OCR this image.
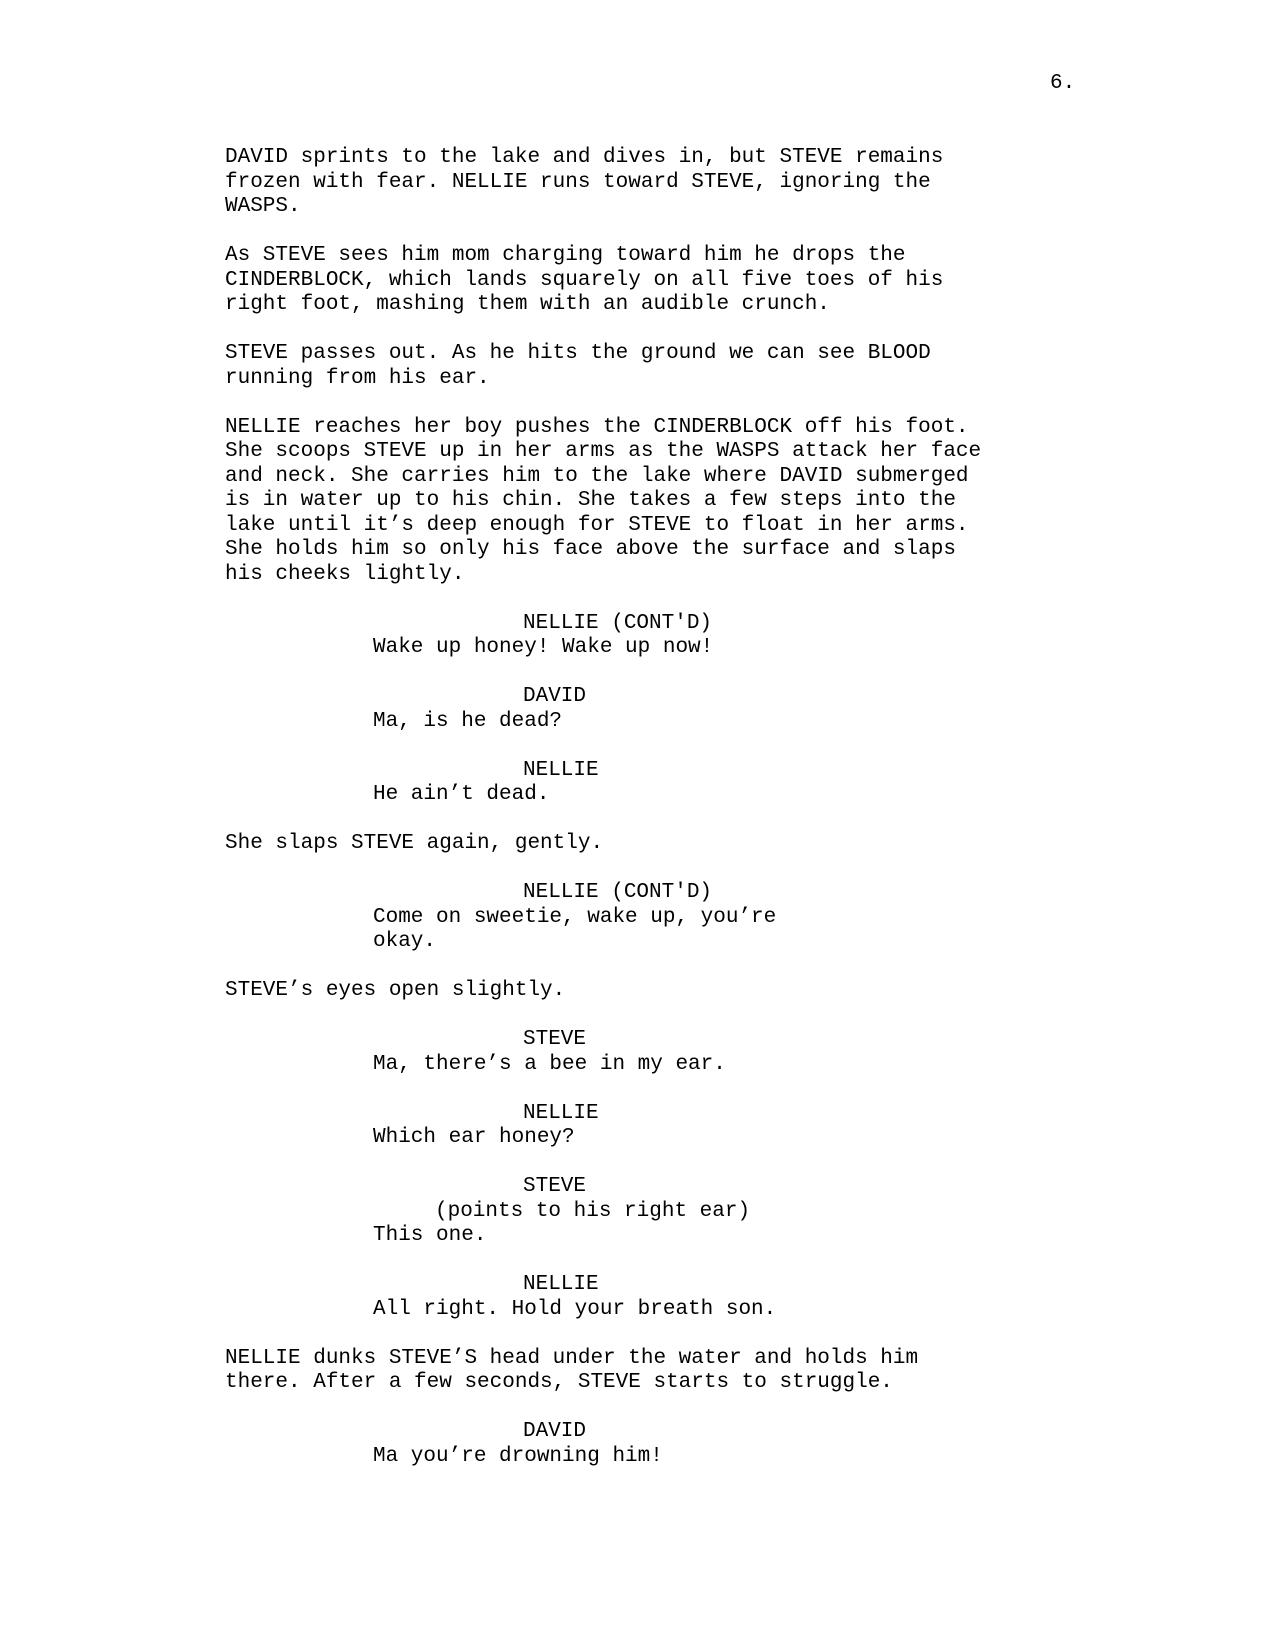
6.
DAVID sprints to the lake and dives in, but STEVE remains
frozen with fear. NELLIE runs toward STEVE, ignoring the
WASPS.
As STEVE sees him mom charging toward him he drops the
CINDERBLOCK, which lands squarely on all five toes of his
right foot, mashing them with an audible crunch.
STEVE passes out. As he hits the ground we can see BLOOD
running from his ear.
NELLIE reaches her boy pushes the CINDERBLOCK off his foot.
She scoops STEVE up in her arms as the WASPS attack her face
and neck. She carries him to the lake where DAVID submerged
is in water up to his chin. She takes a few steps into the
lake until it’s deep enough for STEVE to float in her arms.
She holds him so only his face above the surface and slaps
his cheeks lightly.
NELLIE (CONT'D)
Wake up honey! Wake up now!
DAVID
Ma, is he dead?
NELLIE
He ain’t dead.
She slaps STEVE again, gently.
NELLIE (CONT'D)
Come on sweetie, wake up, you’re
okay.
STEVE’s eyes open slightly.
STEVE
Ma, there’s a bee in my ear.
NELLIE
Which ear honey?
STEVE
(points to his right ear)
This one.
NELLIE
All right. Hold your breath son.
NELLIE dunks STEVE’S head under the water and holds him
there. After a few seconds, STEVE starts to struggle.
DAVID
Ma you’re drowning him!
